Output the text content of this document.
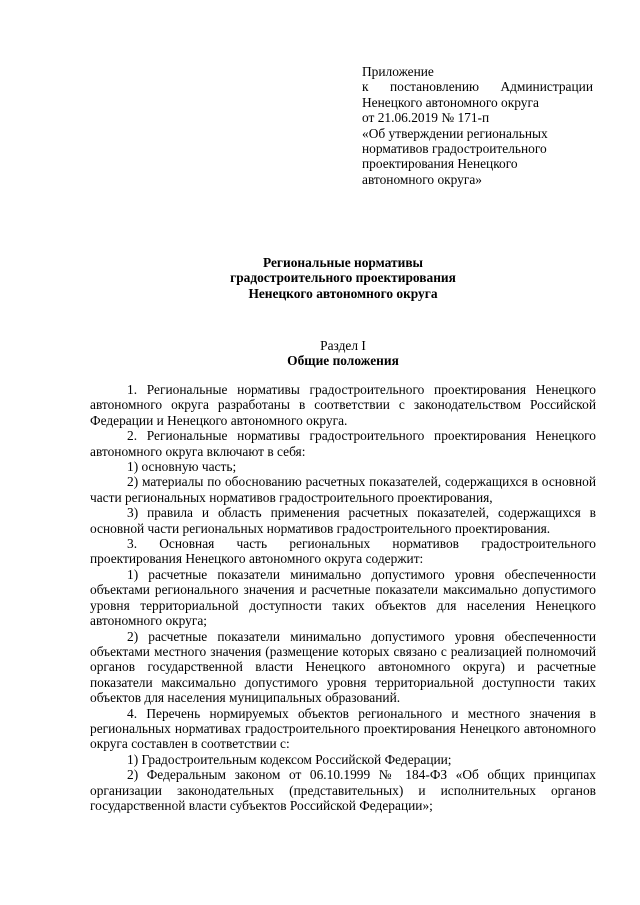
Приложение
к постановлению Администрации
Ненецкого автономного округа
от 21.06.2019 № 171-п
«Об утверждении региональных
нормативов градостроительного
проектирования Ненецкого
автономного округа»
Региональные нормативы
градостроительного проектирования
Ненецкого автономного округа
Раздел I
Общие положения

1. Региональные нормативы градостроительного проектирования Ненецкого автономного округа разработаны в соответствии с законодательством Российской Федерации и Ненецкого автономного округа.

2. Региональные нормативы градостроительного проектирования Ненецкого автономного округа включают в себя:

1) основную часть;

2) материалы по обоснованию расчетных показателей, содержащихся в основной части региональных нормативов градостроительного проектирования,

3) правила и область применения расчетных показателей, содержащихся в основной части региональных нормативов градостроительного проектирования.

3. Основная часть региональных нормативов градостроительного проектирования Ненецкого автономного округа содержит:

1) расчетные показатели минимально допустимого уровня обеспеченности объектами регионального значения и расчетные показатели максимально допустимого уровня территориальной доступности таких объектов для населения Ненецкого автономного округа;

2) расчетные показатели минимально допустимого уровня обеспеченности объектами местного значения (размещение которых связано с реализацией полномочий органов государственной власти Ненецкого автономного округа) и расчетные показатели максимально допустимого уровня территориальной доступности таких объектов для населения муниципальных образований.

4. Перечень нормируемых объектов регионального и местного значения в региональных нормативах градостроительного проектирования Ненецкого автономного округа составлен в соответствии с:

1) Градостроительным кодексом Российской Федерации;

2) Федеральным законом от 06.10.1999 № 184-ФЗ «Об общих принципах организации законодательных (представительных) и исполнительных органов государственной власти субъектов Российской Федерации»;
